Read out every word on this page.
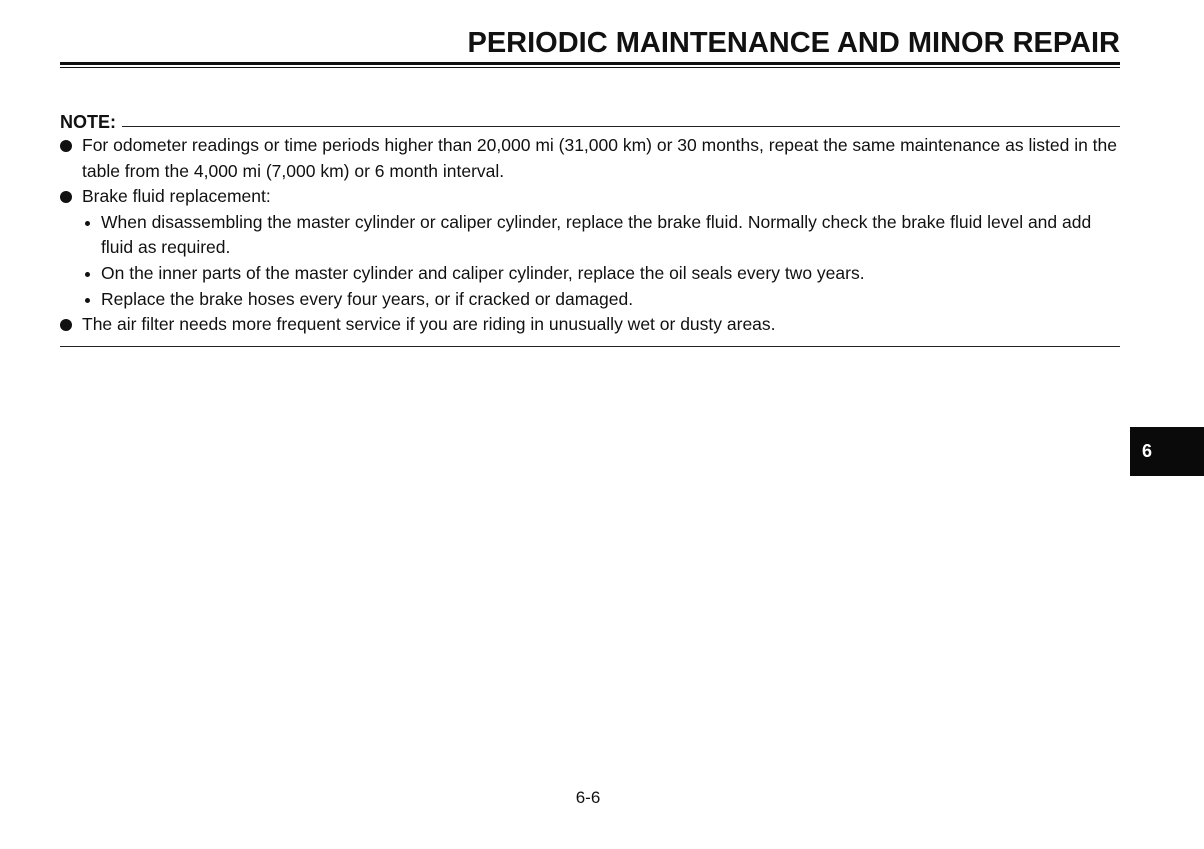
PERIODIC MAINTENANCE AND MINOR REPAIR
NOTE:
For odometer readings or time periods higher than 20,000 mi (31,000 km) or 30 months, repeat the same maintenance as listed in the table from the 4,000 mi (7,000 km) or 6 month interval.
Brake fluid replacement:
When disassembling the master cylinder or caliper cylinder, replace the brake fluid. Normally check the brake fluid level and add fluid as required.
On the inner parts of the master cylinder and caliper cylinder, replace the oil seals every two years.
Replace the brake hoses every four years, or if cracked or damaged.
The air filter needs more frequent service if you are riding in unusually wet or dusty areas.
6
6-6
